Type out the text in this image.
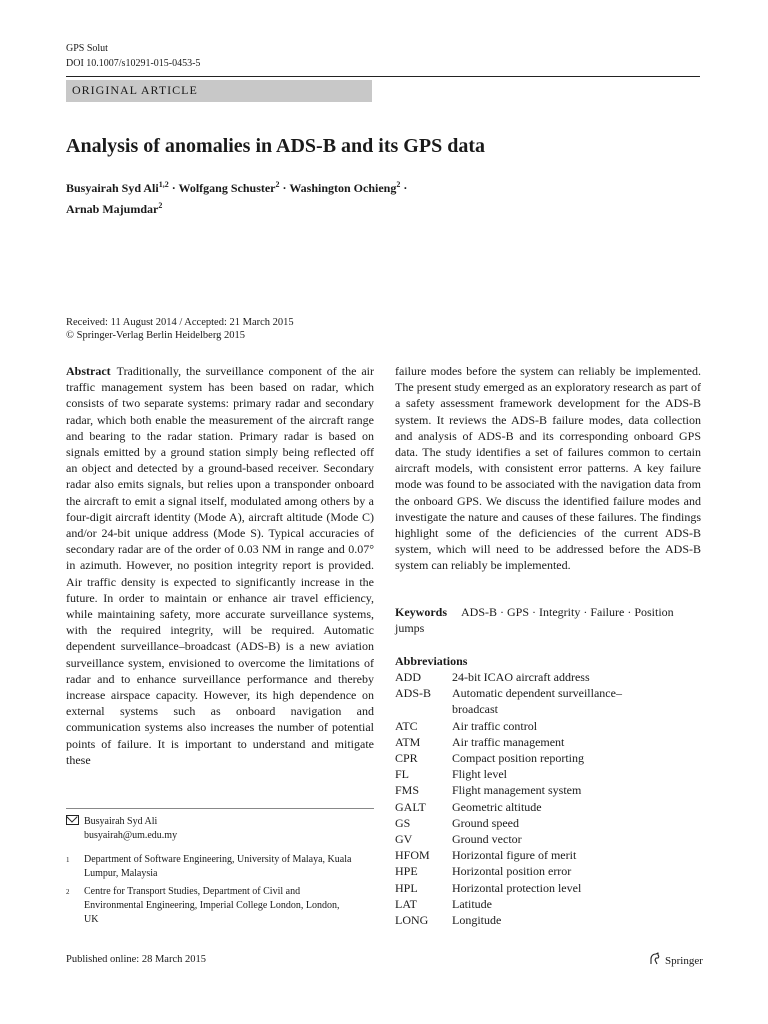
GPS Solut
DOI 10.1007/s10291-015-0453-5
ORIGINAL ARTICLE
Analysis of anomalies in ADS-B and its GPS data
Busyairah Syd Ali$^{1,2}$ · Wolfgang Schuster$^2$ · Washington Ochieng$^2$ ·
Arnab Majumdar$^2$
Received: 11 August 2014 / Accepted: 21 March 2015
© Springer-Verlag Berlin Heidelberg 2015
Abstract Traditionally, the surveillance component of the air traffic management system has been based on radar, which consists of two separate systems: primary radar and secondary radar, which both enable the measurement of the aircraft range and bearing to the radar station. Primary radar is based on signals emitted by a ground station simply being reflected off an object and detected by a ground-based receiver. Secondary radar also emits signals, but relies upon a transponder onboard the aircraft to emit a signal itself, modulated among others by a four-digit aircraft identity (Mode A), aircraft altitude (Mode C) and/or 24-bit unique address (Mode S). Typical accuracies of secondary radar are of the order of 0.03 NM in range and 0.07° in azimuth. However, no position integrity report is provided. Air traffic density is expected to significantly increase in the future. In order to maintain or enhance air travel efficiency, while maintaining safety, more accurate surveillance systems, with the required integrity, will be required. Automatic dependent surveillance–broadcast (ADS-B) is a new aviation surveillance system, envisioned to overcome the limitations of radar and to enhance surveillance performance and thereby increase airspace capacity. However, its high dependence on external systems such as onboard navigation and communication systems also increases the number of potential points of failure. It is important to understand and mitigate these
failure modes before the system can reliably be implemented. The present study emerged as an exploratory research as part of a safety assessment framework development for the ADS-B system. It reviews the ADS-B failure modes, data collection and analysis of ADS-B and its corresponding onboard GPS data. The study identifies a set of failures common to certain aircraft models, with consistent error patterns. A key failure mode was found to be associated with the navigation data from the onboard GPS. We discuss the identified failure modes and investigate the nature and causes of these failures. The findings highlight some of the deficiencies of the current ADS-B system, which will need to be addressed before the ADS-B system can reliably be implemented.
Keywords ADS-B · GPS · Integrity · Failure · Position jumps
Abbreviations
ADD	24-bit ICAO aircraft address
ADS-B	Automatic dependent surveillance–broadcast
ATC	Air traffic control
ATM	Air traffic management
CPR	Compact position reporting
FL	Flight level
FMS	Flight management system
GALT	Geometric altitude
GS	Ground speed
GV	Ground vector
HFOM	Horizontal figure of merit
HPE	Horizontal position error
HPL	Horizontal protection level
LAT	Latitude
LONG	Longitude
Busyairah Syd Ali
busyairah@um.edu.my
1 Department of Software Engineering, University of Malaya, Kuala Lumpur, Malaysia
2 Centre for Transport Studies, Department of Civil and Environmental Engineering, Imperial College London, London, UK
Published online: 28 March 2015	Springer
